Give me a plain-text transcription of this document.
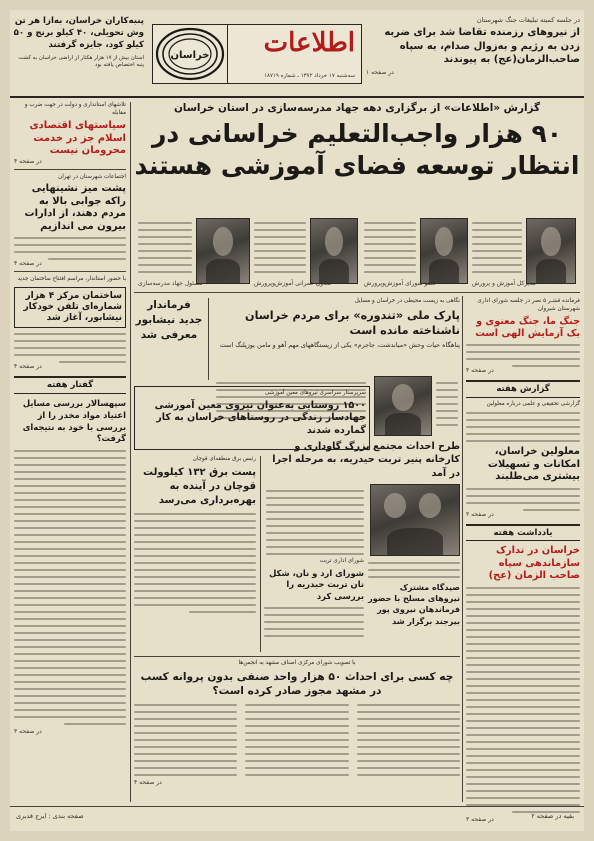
در جلسه کمیته تبلیغات جنگ شهرستان
از نیروهای رزمنده تقاضا شد برای ضربه زدن به رژیم و به‌زوال صدام، به سپاه صاحب‌الزمان(عج) به پیوندند
در صفحه ۱
اطلاعات
سه‌شنبه ۱۷ خرداد ۱۳۷۲ ـ شماره ۱۸۷۱۹
خراسان
پنبه‌کاران خراسان، به‌ازا هر تن وش تحویلی، ۴۰ کیلو برنج و ۵۰ کیلو کود، جایزه گرفتند
استان بیش از ۱۷ هزار هکتار از اراضی خراسان به کشت پنبه اختصاص یافته بود
تلاشهای استانداری و دولت در جهت ضرب و مقابله
سیاستهای اقتصادی اسلام جز در خدمت محرومان نیست
در صفحه ۴
اجتماعات شهرستان در تهران
پشت میز نشینهایی راکه جوابی بالا به مردم دهند، از ادارات بیرون می اندازیم
در صفحه ۴
با حضور استاندار، مراسم افتتاح ساختمان جدید
ساختمان مرکز ۴ هزار شماره‌ای تلفن خودکار نیشابور، آغاز شد
در صفحه ۴
گفتار هفته
سپهسالار بررسی مسایل اعتیاد مواد مخدر را از بررسی با خود به نتیجه‌ای گرفت؟
در صفحه ۳
گزارش «اطلاعات» از برگزاری دهه جهاد مدرسه‌سازی در استان خراسان
۹۰ هزار واجب‌التعلیم خراسانی در
انتظار توسعه فضای آموزشی هستند
مسئول جهاد مدرسه‌سازی	معاون عمرانی آموزش‌وپرورش	عضو شورای آموزش‌وپرورش	مدیرکل آموزش و پرورش
فرمانده قشـر ۵ نصر در جلسه شورای اداری شهرستان شیروان
جنگ ما، جنگ معنوی و یک آزمایش الهی است
در صفحه ۴
گزارش هفته
گزارشی تحقیقی و علمی درباره معلولین
معلولین خراسان، امکانات و تسهیلات بیشتری می‌طلبند
در صفحه ۳
یادداشت هفته
خراسان در تدارک سازماندهی سپاه صاحب الزمان (عج)
در صفحه ۳
فرماندار جدید نیشابور معرفی شد
نگاهی به زیست محیطی در خراسان و مسایل
پارک ملی «تندوره» برای مردم خراسان ناشناخته مانده است
پناهگاه حیات وحش «میاندشت، جاجرم» یکی از زیستگاههای مهم آهو و مامن یوزپلنگ است
سرپرستار سراسری نیروهای معین آموزشی
۱۵۰۰ روستایی به‌عنوان نیروی معین آموزشی جهادساز زندگی در روستاهای خراسان به کار گمارده شدند
رئیس برق منطقه‌ای قوچان
پست برق ۱۳۲ کیلوولت قوچان در آینده به بهره‌برداری می‌رسد
طرح احداث مجتمع بزرگ گاوداری و کارخانه پنیر تربت حیدریه، به مرحله اجرا در آمد
شورای اداری تربت
شورای ارد و نان، شکل نان تربت حیدریه را بررسی کرد
صیدگاه مشترک نیروهای مسلح با حضور فرماندهان نیروی پور بیرجند برگزار شد
با تصویب شورای مرکزی اصناف مشهد به انجمن‌ها
چه کسی برای احداث ۵۰ هزار واحد صنفی بدون پروانه کسب در مشهد مجوز صادر کرده است؟
در صفحه ۴
صفحه بندی : ایرج قدیری	بقیه در صفحه ۲
